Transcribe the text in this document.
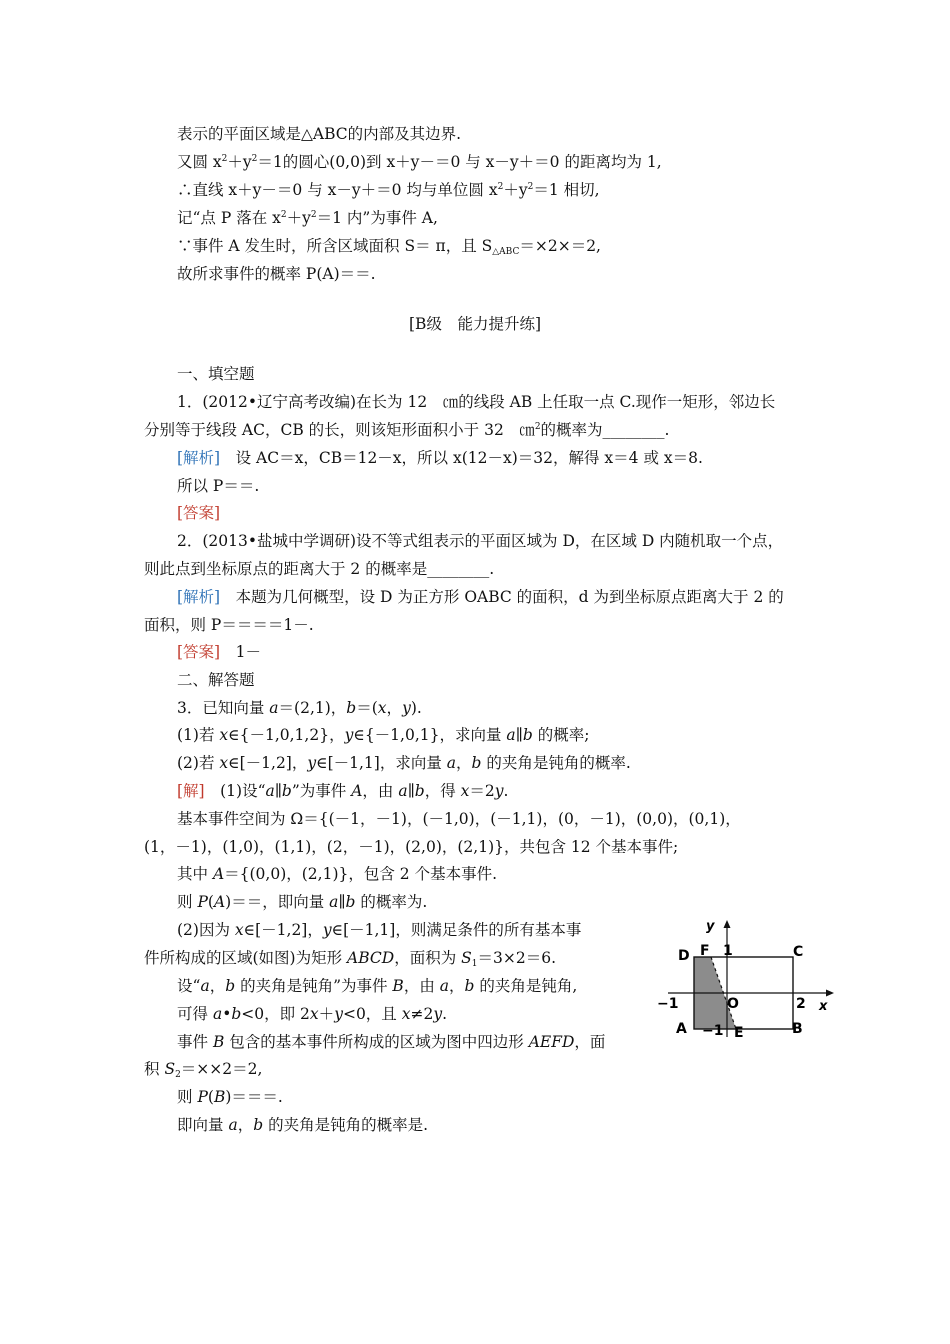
表示的平面区域是△ABC的内部及其边界.
又圆 $x^2+y^2=1$的圆心(0,0)到 x＋y－＝0 与 x－y＋＝0 的距离均为 1,
∴直线 x＋y－＝0 与 x－y＋＝0 均与单位圆 $x^2+y^2=1$ 相切,
记“点 P 落在 $x^2+y^2=1$ 内”为事件 A,
∵事件 A 发生时，所含区域面积 S＝ π，且 $S_{\triangle ABC}=\times 2\times=2$,
故所求事件的概率 P(A)＝＝.
[B级　能力提升练]
一、填空题
1．(2012•辽宁高考改编)在长为 12　㎝的线段 AB 上任取一点 C.现作一矩形，邻边长
分别等于线段 AC，CB 的长，则该矩形面积小于 32　㎝$^2$的概率为________.
[解析]　设 AC＝x，CB＝12－x，所以 x(12－x)＝32，解得 x＝4 或 x＝8.
所以 P＝＝.
[答案]
2．(2013•盐城中学调研)设不等式组表示的平面区域为 D，在区域 D 内随机取一个点，
则此点到坐标原点的距离大于 2 的概率是________.
[解析]　本题为几何概型，设 D 为正方形 OABC 的面积，d 为到坐标原点距离大于 2 的
面积，则 P＝＝＝＝1－.
[答案]　1－
二、解答题
3．已知向量 a＝(2,1)，b＝(x，y).
(1)若 x∈{－1,0,1,2}，y∈{－1,0,1}，求向量 a∥b 的概率;
(2)若 x∈[－1,2]，y∈[－1,1]，求向量 a，b 的夹角是钝角的概率.
[解]　(1)设“a∥b”为事件 A，由 a∥b，得 x＝2y.
基本事件空间为 Ω＝{(－1，－1)，(－1,0)，(－1,1)，(0，－1)，(0,0)，(0,1)，
(1，－1)，(1,0)，(1,1)，(2，－1)，(2,0)，(2,1)}，共包含 12 个基本事件;
其中 A＝{(0,0)，(2,1)}，包含 2 个基本事件.
则 P(A)＝＝，即向量 a∥b 的概率为.
(2)因为 x∈[－1,2]，y∈[－1,1]，则满足条件的所有基本事
件所构成的区域(如图)为矩形 ABCD，面积为 $S_1=3\times 2=6$.
设“a，b 的夹角是钝角”为事件 B，由 a，b 的夹角是钝角,
可得 a•b<0，即 2x＋y<0，且 x≠2y.
事件 B 包含的基本事件所构成的区域为图中四边形 AEFD，面
积 $S_2=\times\times 2=2$,
则 P(B)＝＝＝.
即向量 a，b 的夹角是钝角的概率是.
y
x
D F 1	C
−1	O	2
A −1 E	B
